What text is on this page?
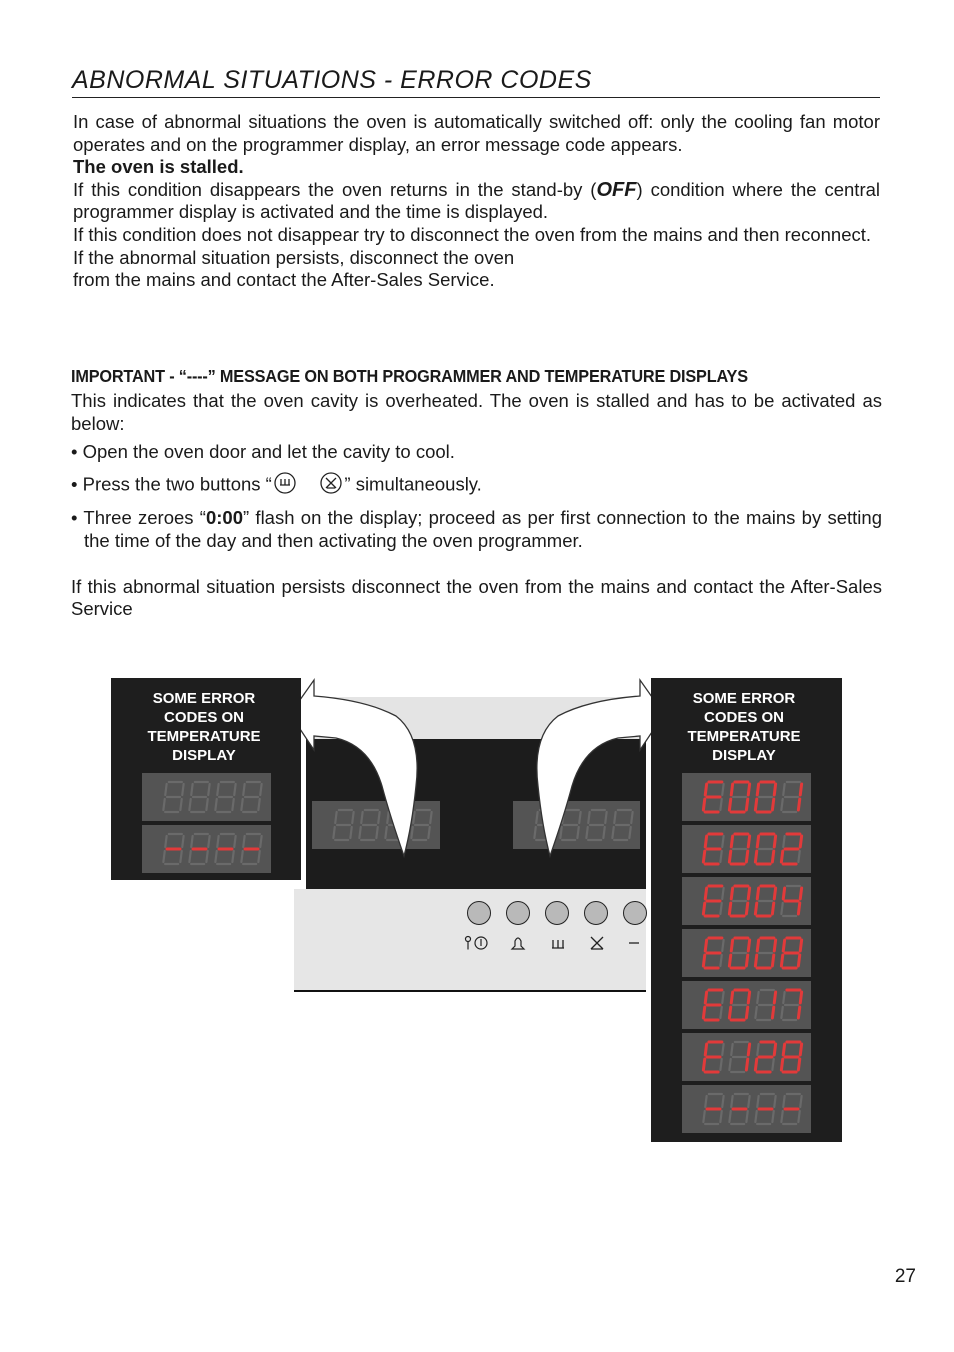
ABNORMAL SITUATIONS - ERROR CODES
In case of abnormal situations the oven is automatically switched off: only the cooling fan motor operates and on the programmer display, an error message code appears.
The oven is stalled.
If this condition disappears the oven returns in the stand-by (OFF) condition where the central programmer display is activated and the time is displayed.
If this condition does not disappear try to disconnect the oven from the mains and then reconnect.
If the abnormal situation persists, disconnect the oven
from the mains and contact the After-Sales Service.
IMPORTANT - “----” MESSAGE ON BOTH PROGRAMMER AND TEMPERATURE DISPLAYS
This indicates that the oven cavity is overheated. The oven is stalled and has to be activated as below:
• Open the oven door and let the cavity to cool.
• Press the two buttons “	” simultaneously.
• Three zeroes “0:00” flash on the display; proceed as per first connection to the mains by setting the time of the day and then activating the oven programmer.
If this abnormal situation persists disconnect the oven from the mains and contact the After-Sales Service
SOME ERROR
CODES ON
TEMPERATURE
DISPLAY
SOME ERROR
CODES ON
TEMPERATURE
DISPLAY
27
